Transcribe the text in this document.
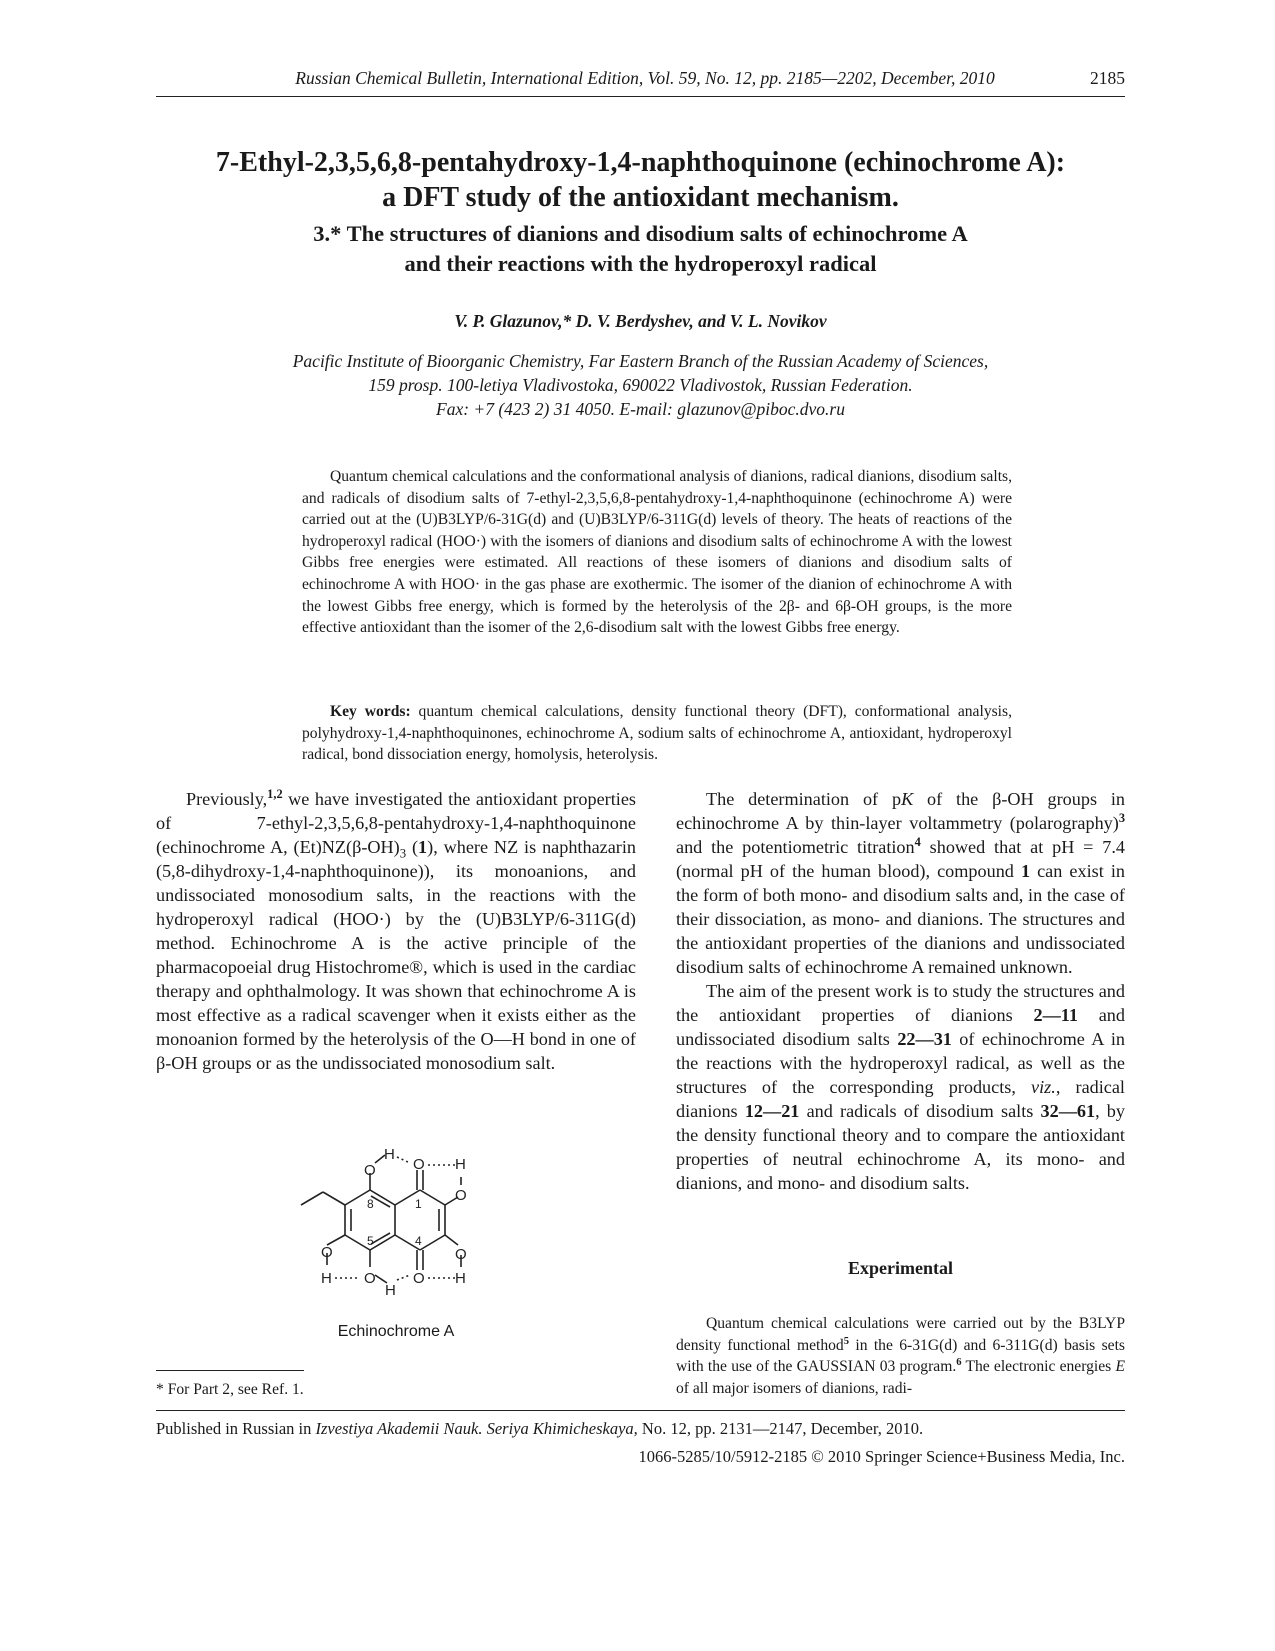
Russian Chemical Bulletin, International Edition, Vol. 59, No. 12, pp. 2185—2202, December, 2010	2185
7-Ethyl-2,3,5,6,8-pentahydroxy-1,4-naphthoquinone (echinochrome A):
a DFT study of the antioxidant mechanism.
3.* The structures of dianions and disodium salts of echinochrome A
and their reactions with the hydroperoxyl radical
V. P. Glazunov,* D. V. Berdyshev, and V. L. Novikov
Pacific Institute of Bioorganic Chemistry, Far Eastern Branch of the Russian Academy of Sciences,
159 prosp. 100-letiya Vladivostoka, 690022 Vladivostok, Russian Federation.
Fax: +7 (423 2) 31 4050. E-mail: glazunov@piboc.dvo.ru

Quantum chemical calculations and the conformational analysis of dianions, radical dianions, disodium salts, and radicals of disodium salts of 7-ethyl-2,3,5,6,8-pentahydroxy-1,4-naphthoquinone (echinochrome A) were carried out at the (U)B3LYP/6-31G(d) and (U)B3LYP/6-311G(d) levels of theory. The heats of reactions of the hydroperoxyl radical (HOO·) with the isomers of dianions and disodium salts of echinochrome A with the lowest Gibbs free energies were estimated. All reactions of these isomers of dianions and disodium salts of echinochrome A with HOO· in the gas phase are exothermic. The isomer of the dianion of echinochrome A with the lowest Gibbs free energy, which is formed by the heterolysis of the 2β- and 6β-OH groups, is the more effective antioxidant than the isomer of the 2,6-disodium salt with the lowest Gibbs free energy.

Key words: quantum chemical calculations, density functional theory (DFT), conformational analysis, polyhydroxy-1,4-naphthoquinones, echinochrome A, sodium salts of echinochrome A, antioxidant, hydroperoxyl radical, bond dissociation energy, homolysis, heterolysis.

Previously,$^{1,2}$ we have investigated the antioxidant properties of 7-ethyl-2,3,5,6,8-pentahydroxy-1,4-naphthoquinone (echinochrome A, $(Et)NZ(\beta-OH)_3$ (1), where NZ is naphthazarin (5,8-dihydroxy-1,4-naphthoquinone)), its monoanions, and undissociated monosodium salts, in the reactions with the hydroperoxyl radical (HOO·) by the (U)B3LYP/6-311G(d) method. Echinochrome A is the active principle of the pharmacopoeial drug Histochrome®, which is used in the cardiac therapy and ophthalmology. It was shown that echinochrome A is most effective as a radical scavenger when it exists either as the monoanion formed by the heterolysis of the O—H bond in one of β-OH groups or as the undissociated monosodium salt.

O
H
O H
O
O
H
O
O
H
O
H
8	1
5	4
Echinochrome A

The determination of pK of the β-OH groups in echinochrome A by thin-layer voltammetry (polarography)$^3$ and the potentiometric titration$^4$ showed that at pH = 7.4 (normal pH of the human blood), compound 1 can exist in the form of both mono- and disodium salts and, in the case of their dissociation, as mono- and dianions. The structures and the antioxidant properties of the dianions and undissociated disodium salts of echinochrome A remained unknown.

The aim of the present work is to study the structures and the antioxidant properties of dianions 2—11 and undissociated disodium salts 22—31 of echinochrome A in the reactions with the hydroperoxyl radical, as well as the structures of the corresponding products, viz., radical dianions 12—21 and radicals of disodium salts 32—61, by the density functional theory and to compare the antioxidant properties of neutral echinochrome A, its mono- and dianions, and mono- and disodium salts.

Experimental

Quantum chemical calculations were carried out by the B3LYP density functional method$^5$ in the 6-31G(d) and 6-311G(d) basis sets with the use of the GAUSSIAN 03 program.$^6$ The electronic energies E of all major isomers of dianions, radi-

* For Part 2, see Ref. 1.
Published in Russian in Izvestiya Akademii Nauk. Seriya Khimicheskaya, No. 12, pp. 2131—2147, December, 2010.
1066-5285/10/5912-2185 © 2010 Springer Science+Business Media, Inc.
